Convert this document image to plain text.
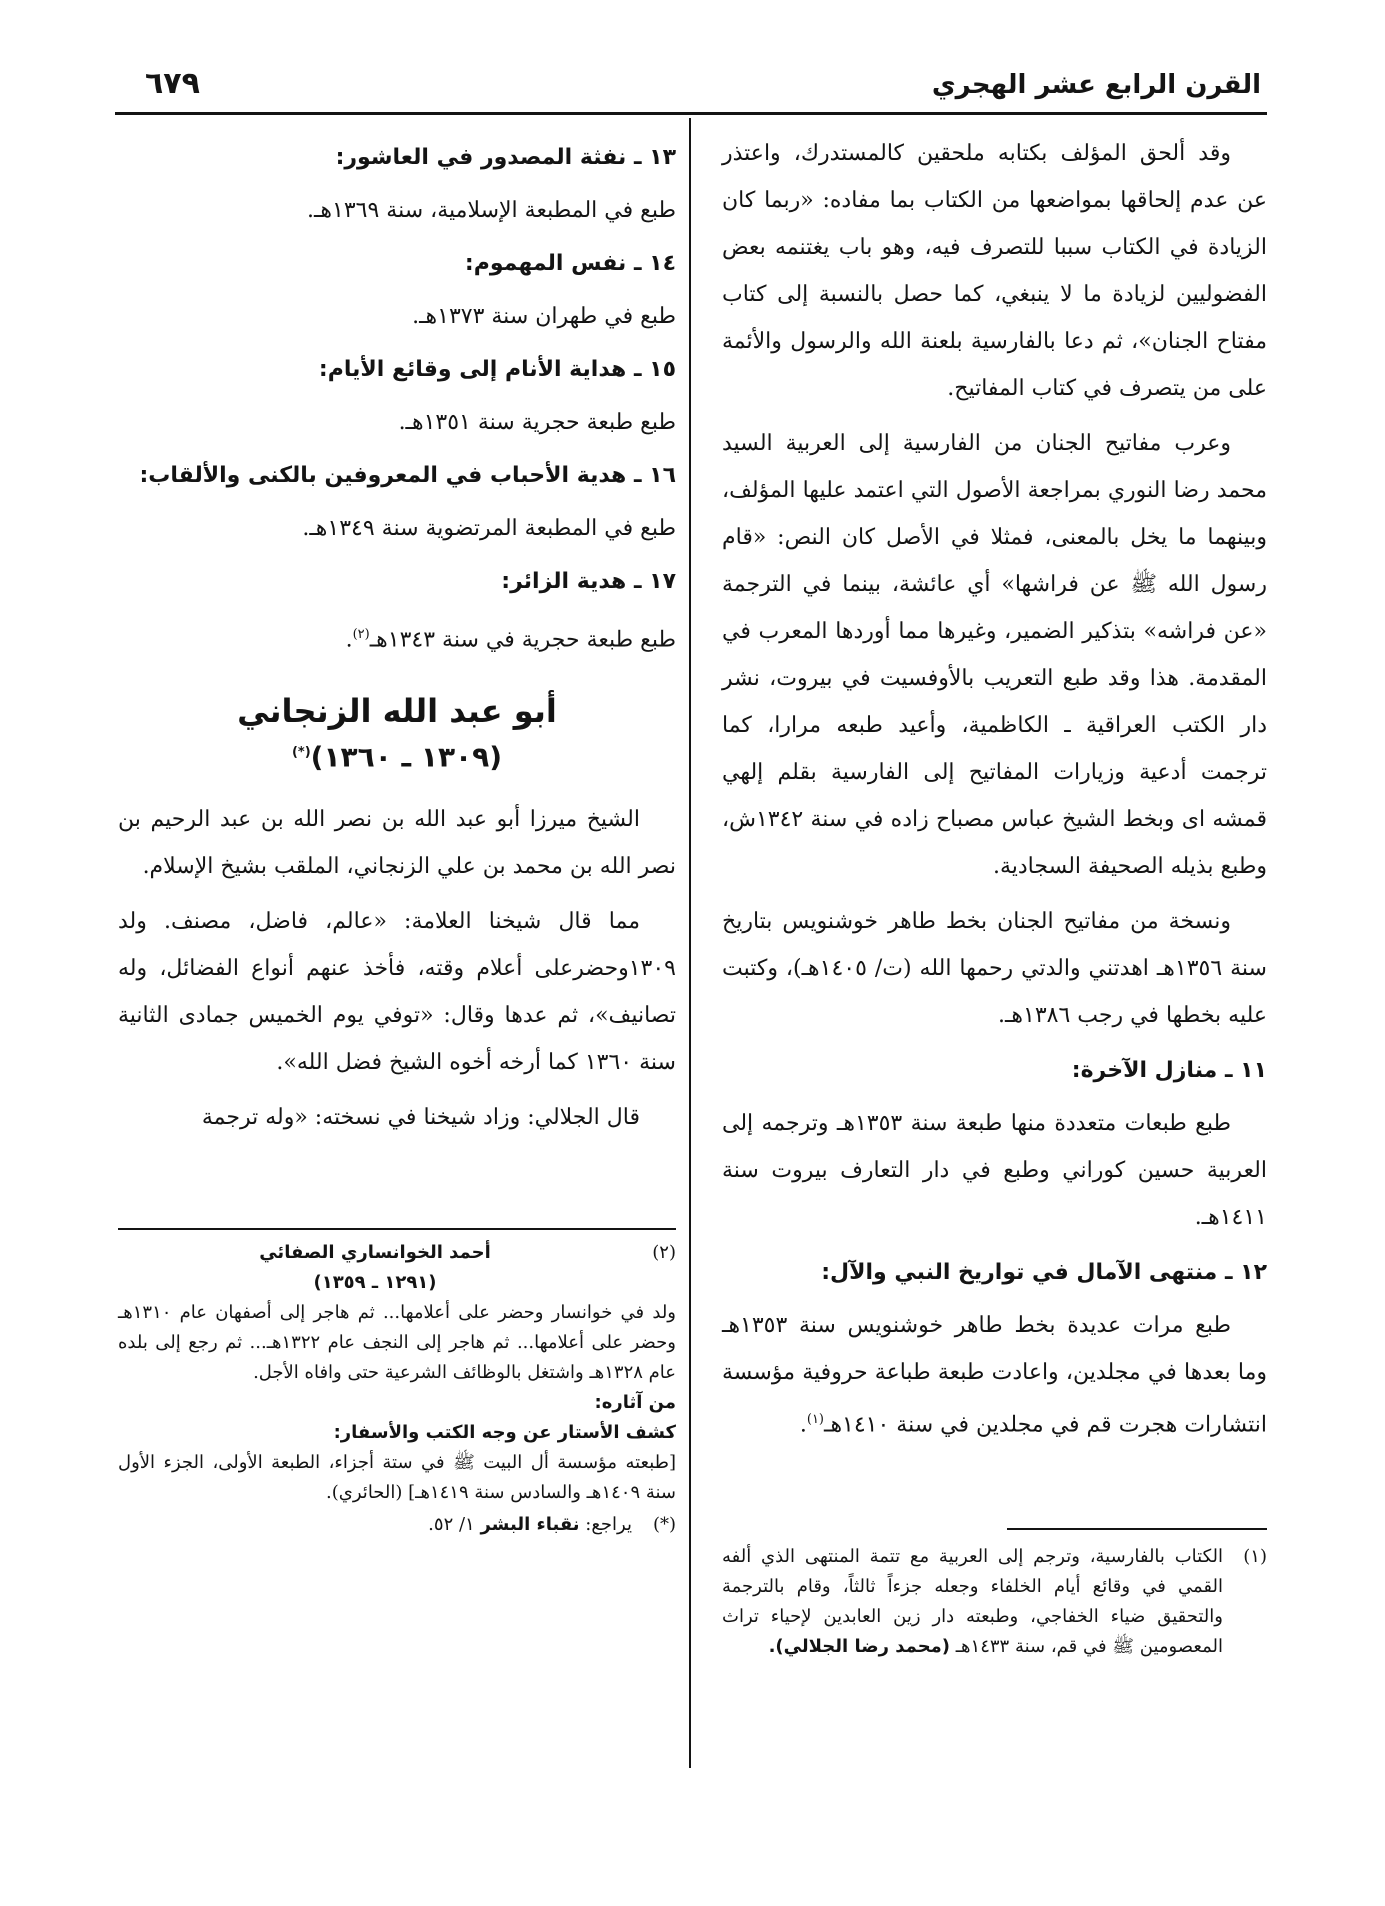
القرن الرابع عشر الهجري
٦٧٩

وقد ألحق المؤلف بكتابه ملحقين كالمستدرك، واعتذر عن عدم إلحاقها بمواضعها من الكتاب بما مفاده: «ربما كان الزيادة في الكتاب سببا للتصرف فيه، وهو باب يغتنمه بعض الفضوليين لزيادة ما لا ينبغي، كما حصل بالنسبة إلى كتاب مفتاح الجنان»، ثم دعا بالفارسية بلعنة الله والرسول والأئمة على من يتصرف في كتاب المفاتيح.

وعرب مفاتيح الجنان من الفارسية إلى العربية السيد محمد رضا النوري بمراجعة الأصول التي اعتمد عليها المؤلف، وبينهما ما يخل بالمعنى، فمثلا في الأصل كان النص: «قام رسول الله ﷺ عن فراشها» أي عائشة، بينما في الترجمة «عن فراشه» بتذكير الضمير، وغيرها مما أوردها المعرب في المقدمة. هذا وقد طبع التعريب بالأوفسيت في بيروت، نشر دار الكتب العراقية ـ الكاظمية، وأعيد طبعه مرارا، كما ترجمت أدعية وزيارات المفاتيح إلى الفارسية بقلم إلهي قمشه اى وبخط الشيخ عباس مصباح زاده في سنة ١٣٤٢ش، وطبع بذيله الصحيفة السجادية.

ونسخة من مفاتيح الجنان بخط طاهر خوشنويس بتاريخ سنة ١٣٥٦هـ اهدتني والدتي رحمها الله (ت/ ١٤٠٥هـ)، وكتبت عليه بخطها في رجب ١٣٨٦هـ.

١١ ـ منازل الآخرة:

طبع طبعات متعددة منها طبعة سنة ١٣٥٣هـ وترجمه إلى العربية حسين كوراني وطبع في دار التعارف بيروت سنة ١٤١١هـ.

١٢ ـ منتهى الآمال في تواريخ النبي والآل:

طبع مرات عديدة بخط طاهر خوشنويس سنة ١٣٥٣هـ وما بعدها في مجلدين، واعادت طبعة طباعة حروفية مؤسسة انتشارات هجرت قم في مجلدين في سنة ١٤١٠هـ$^{(١)}$.

١٣ ـ نفثة المصدور في العاشور:
طبع في المطبعة الإسلامية، سنة ١٣٦٩هـ.
١٤ ـ نفس المهموم:
طبع في طهران سنة ١٣٧٣هـ.
١٥ ـ هداية الأنام إلى وقائع الأيام:
طبع طبعة حجرية سنة ١٣٥١هـ.
١٦ ـ هدية الأحباب في المعروفين بالكنى والألقاب:
طبع في المطبعة المرتضوية سنة ١٣٤٩هـ.
١٧ ـ هدية الزائر:
طبع طبعة حجرية في سنة ١٣٤٣هـ$^{(٢)}$.
أبو عبد الله الزنجاني
(١٣٠٩ ـ ١٣٦٠)(*)

الشيخ ميرزا أبو عبد الله بن نصر الله بن عبد الرحيم بن نصر الله بن محمد بن علي الزنجاني، الملقب بشيخ الإسلام.

مما قال شيخنا العلامة: «عالم، فاضل، مصنف. ولد ١٣٠٩وحضرعلى أعلام وقته، فأخذ عنهم أنواع الفضائل، وله تصانيف»، ثم عدها وقال: «توفي يوم الخميس جمادى الثانية سنة ١٣٦٠ كما أرخه أخوه الشيخ فضل الله».

قال الجلالي: وزاد شيخنا في نسخته: «وله ترجمة

(٢)
أحمد الخوانساري الصفائي
(١٢٩١ ـ ١٣٥٩)

ولد في خوانسار وحضر على أعلامها... ثم هاجر إلى أصفهان عام ١٣١٠هـ وحضر على أعلامها... ثم هاجر إلى النجف عام ١٣٢٢هـ... ثم رجع إلى بلده عام ١٣٢٨هـ واشتغل بالوظائف الشرعية حتى وافاه الأجل.

من آثاره:
كشف الأستار عن وجه الكتب والأسفار:

[طبعته مؤسسة أل البيت ﷺ في ستة أجزاء، الطبعة الأولى، الجزء الأول سنة ١٤٠٩هـ والسادس سنة ١٤١٩هـ] (الحائري).

(*)
يراجع: نقباء البشر ١/ ٥٢.
(١)

الكتاب بالفارسية، وترجم إلى العربية مع تتمة المنتهى الذي ألفه القمي في وقائع أيام الخلفاء وجعله جزءاً ثالثاً، وقام بالترجمة والتحقيق ضياء الخفاجي، وطبعته دار زين العابدين لإحياء تراث المعصومين ﷺ في قم، سنة ١٤٣٣هـ (محمد رضا الجلالي).
